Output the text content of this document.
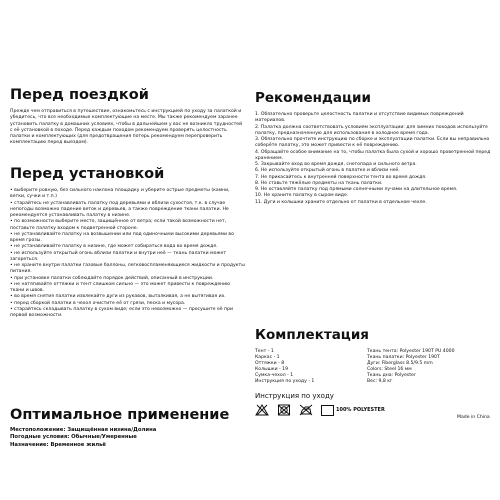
Перед поездкой

Прежде чем отправиться в путешествие, ознакомьтесь с инструкцией по уходу за палаткой и убедитесь, что все необходимые комплектующие на месте. Мы также рекомендуем заранее установить палатку в домашних условиях, чтобы в дальнейшем у вас не возникло трудностей с её установкой в походе. Перед каждым походом рекомендуем проверять целостность палатки и комплектующих (для предотвращения потерь рекомендуем перепроверить комплектацию перед выездом).

Перед установкой

• выберите ровную, без сильного наклона площадку и уберите острые предметы (камни, ветки, сучки и т.п.)

• старайтесь не устанавливать палатку под деревьями и вблизи сухостоя, т.к. в случае непогоды возможно падение веток и деревьев, а также повреждение ткани палатки. Не рекомендуется устанавливать палатку в низине.

• по возможности выберите место, защищённое от ветра; если такой возможности нет, поставьте палатку входом к подветренной стороне.

• не устанавливайте палатку на возвышении или под одиночными высокими деревьями во время грозы.

• не устанавливайте палатку в низине, где может собираться вода во время дождя.

• не используйте открытый огонь вблизи палатки и внутри неё — ткань палатки может загореться.

• не храните внутри палатки газовые баллоны, легковоспламеняющиеся жидкости и продукты питания.

• при установке палатки соблюдайте порядок действий, описанный в инструкции.

• не натягивайте оттяжки и тент слишком сильно — это может привести к повреждению ткани и швов.

• во время снятия палатки извлекайте дуги из рукавов, выталкивая, а не вытягивая их.

• перед сборкой палатки в чехол очистите её от грязи, песка и мусора.

• старайтесь складывать палатку в сухом виде; если это невозможно — просушите её при первой возможности.

Оптимальное применение
Местоположение: Защищённая низина/Долина
Погодные условия: Обычные/Умеренные
Назначение: Временное жильё
Рекомендации

1. Обязательно проверьте целостность палатки и отсутствие видимых повреждений материалов.

2. Палатка должна соответствовать условиям эксплуатации: для зимних походов используйте палатку, предназначенную для использования в холодное время года.

3. Обязательно прочтите инструкцию по сборке и эксплуатации палатки. Если вы неправильно соберёте палатку, это может привести к её повреждению.

4. Обращайте особое внимание на то, чтобы палатка была сухой и хорошо проветренной перед хранением.

5. Закрывайте вход во время дождя, снегопада и сильного ветра.

6. Не используйте открытый огонь в палатке и вблизи неё.

7. Не прикасайтесь к внутренней поверхности тента во время дождя.

8. Не ставьте тяжёлые предметы на ткань палатки.

9. Не оставляйте палатку под прямыми солнечными лучами на длительное время.

10. Не храните палатку в сыром виде.

11. Дуги и колышки храните отдельно от палатки в отдельном чехле.

Комплектация
Тент - 1
Каркас - 1
Оттяжки - 8
Колышки - 19
Сумка-чехол - 1
Инструкция по уходу - 1
Ткань тента: Polyester 190T PU 4000
Ткань палатки: Polyester 190T
Дуги: Fiberglass 8.5/9.5 mm
Colors: Steel 16 мм
Ткань дна: Polyester
Вес: 9,8 кг
Инструкция по уходу
100% POLYESTER
Made in China
